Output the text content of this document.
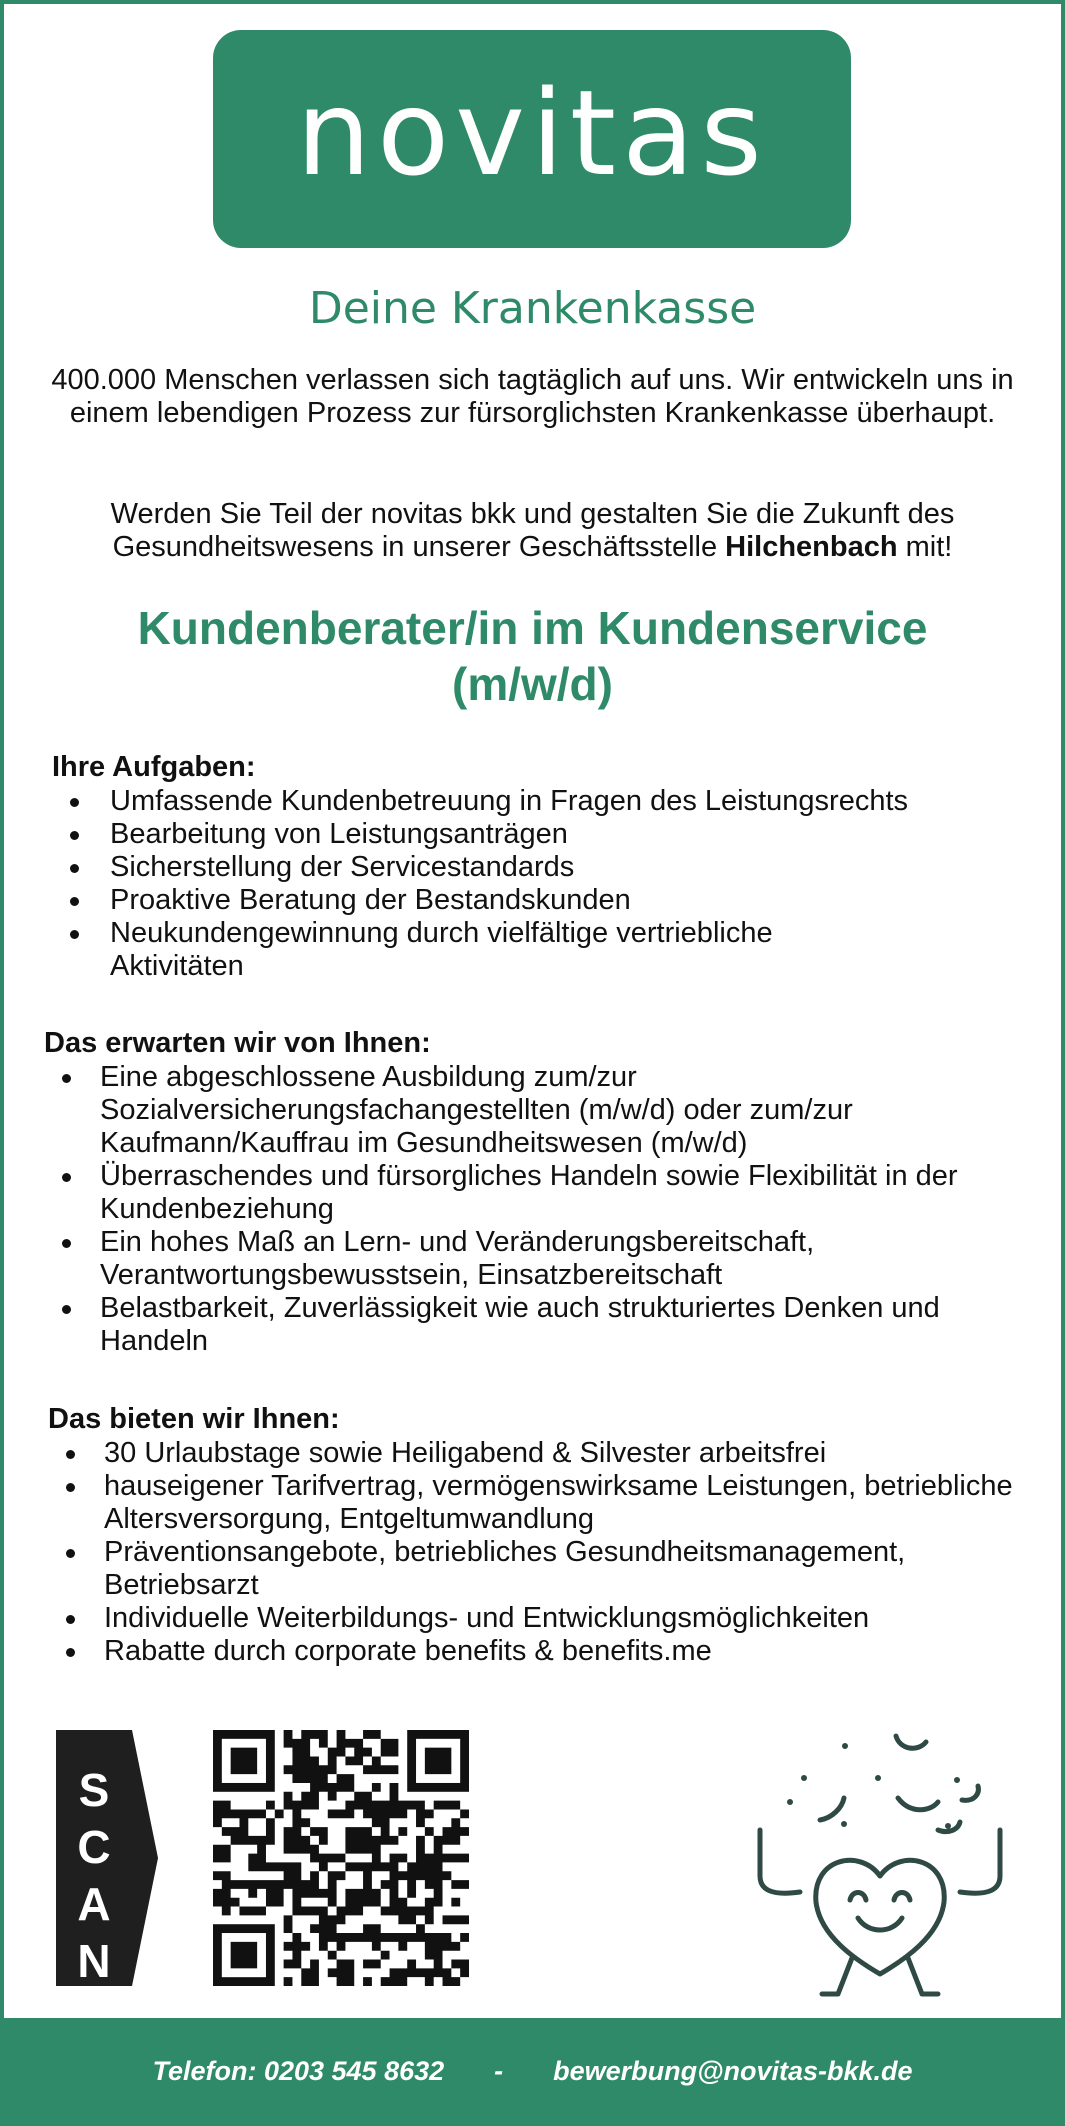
novitas
Deine Krankenkasse
400.000 Menschen verlassen sich tagtäglich auf uns. Wir entwickeln uns in einem lebendigen Prozess zur fürsorglichsten Krankenkasse überhaupt.
Werden Sie Teil der novitas bkk und gestalten Sie die Zukunft des Gesundheitswesens in unserer Geschäftsstelle Hilchenbach mit!
Kundenberater/in im Kundenservice
(m/w/d)
Ihre Aufgaben:
Umfassende Kundenbetreuung in Fragen des Leistungsrechts
Bearbeitung von Leistungsanträgen
Sicherstellung der Servicestandards
Proaktive Beratung der Bestandskunden
Neukundengewinnung durch vielfältige vertriebliche Aktivitäten
Das erwarten wir von Ihnen:
Eine abgeschlossene Ausbildung zum/zur Sozialversicherungsfachangestellten (m/w/d) oder zum/zur Kaufmann/Kauffrau im Gesundheitswesen (m/w/d)
Überraschendes und fürsorgliches Handeln sowie Flexibilität in der Kundenbeziehung
Ein hohes Maß an Lern- und Veränderungsbereitschaft, Verantwortungsbewusstsein, Einsatzbereitschaft
Belastbarkeit, Zuverlässigkeit wie auch strukturiertes Denken und Handeln
Das bieten wir Ihnen:
30 Urlaubstage sowie Heiligabend & Silvester arbeitsfrei
hauseigener Tarifvertrag, vermögenswirksame Leistungen, betriebliche Altersversorgung, Entgeltumwandlung
Präventionsangebote, betriebliches Gesundheitsmanagement, Betriebsarzt
Individuelle Weiterbildungs- und Entwicklungsmöglichkeiten
Rabatte durch corporate benefits & benefits.me
S
C
A
N
Telefon: 0203 545 8632 - bewerbung@novitas-bkk.de
